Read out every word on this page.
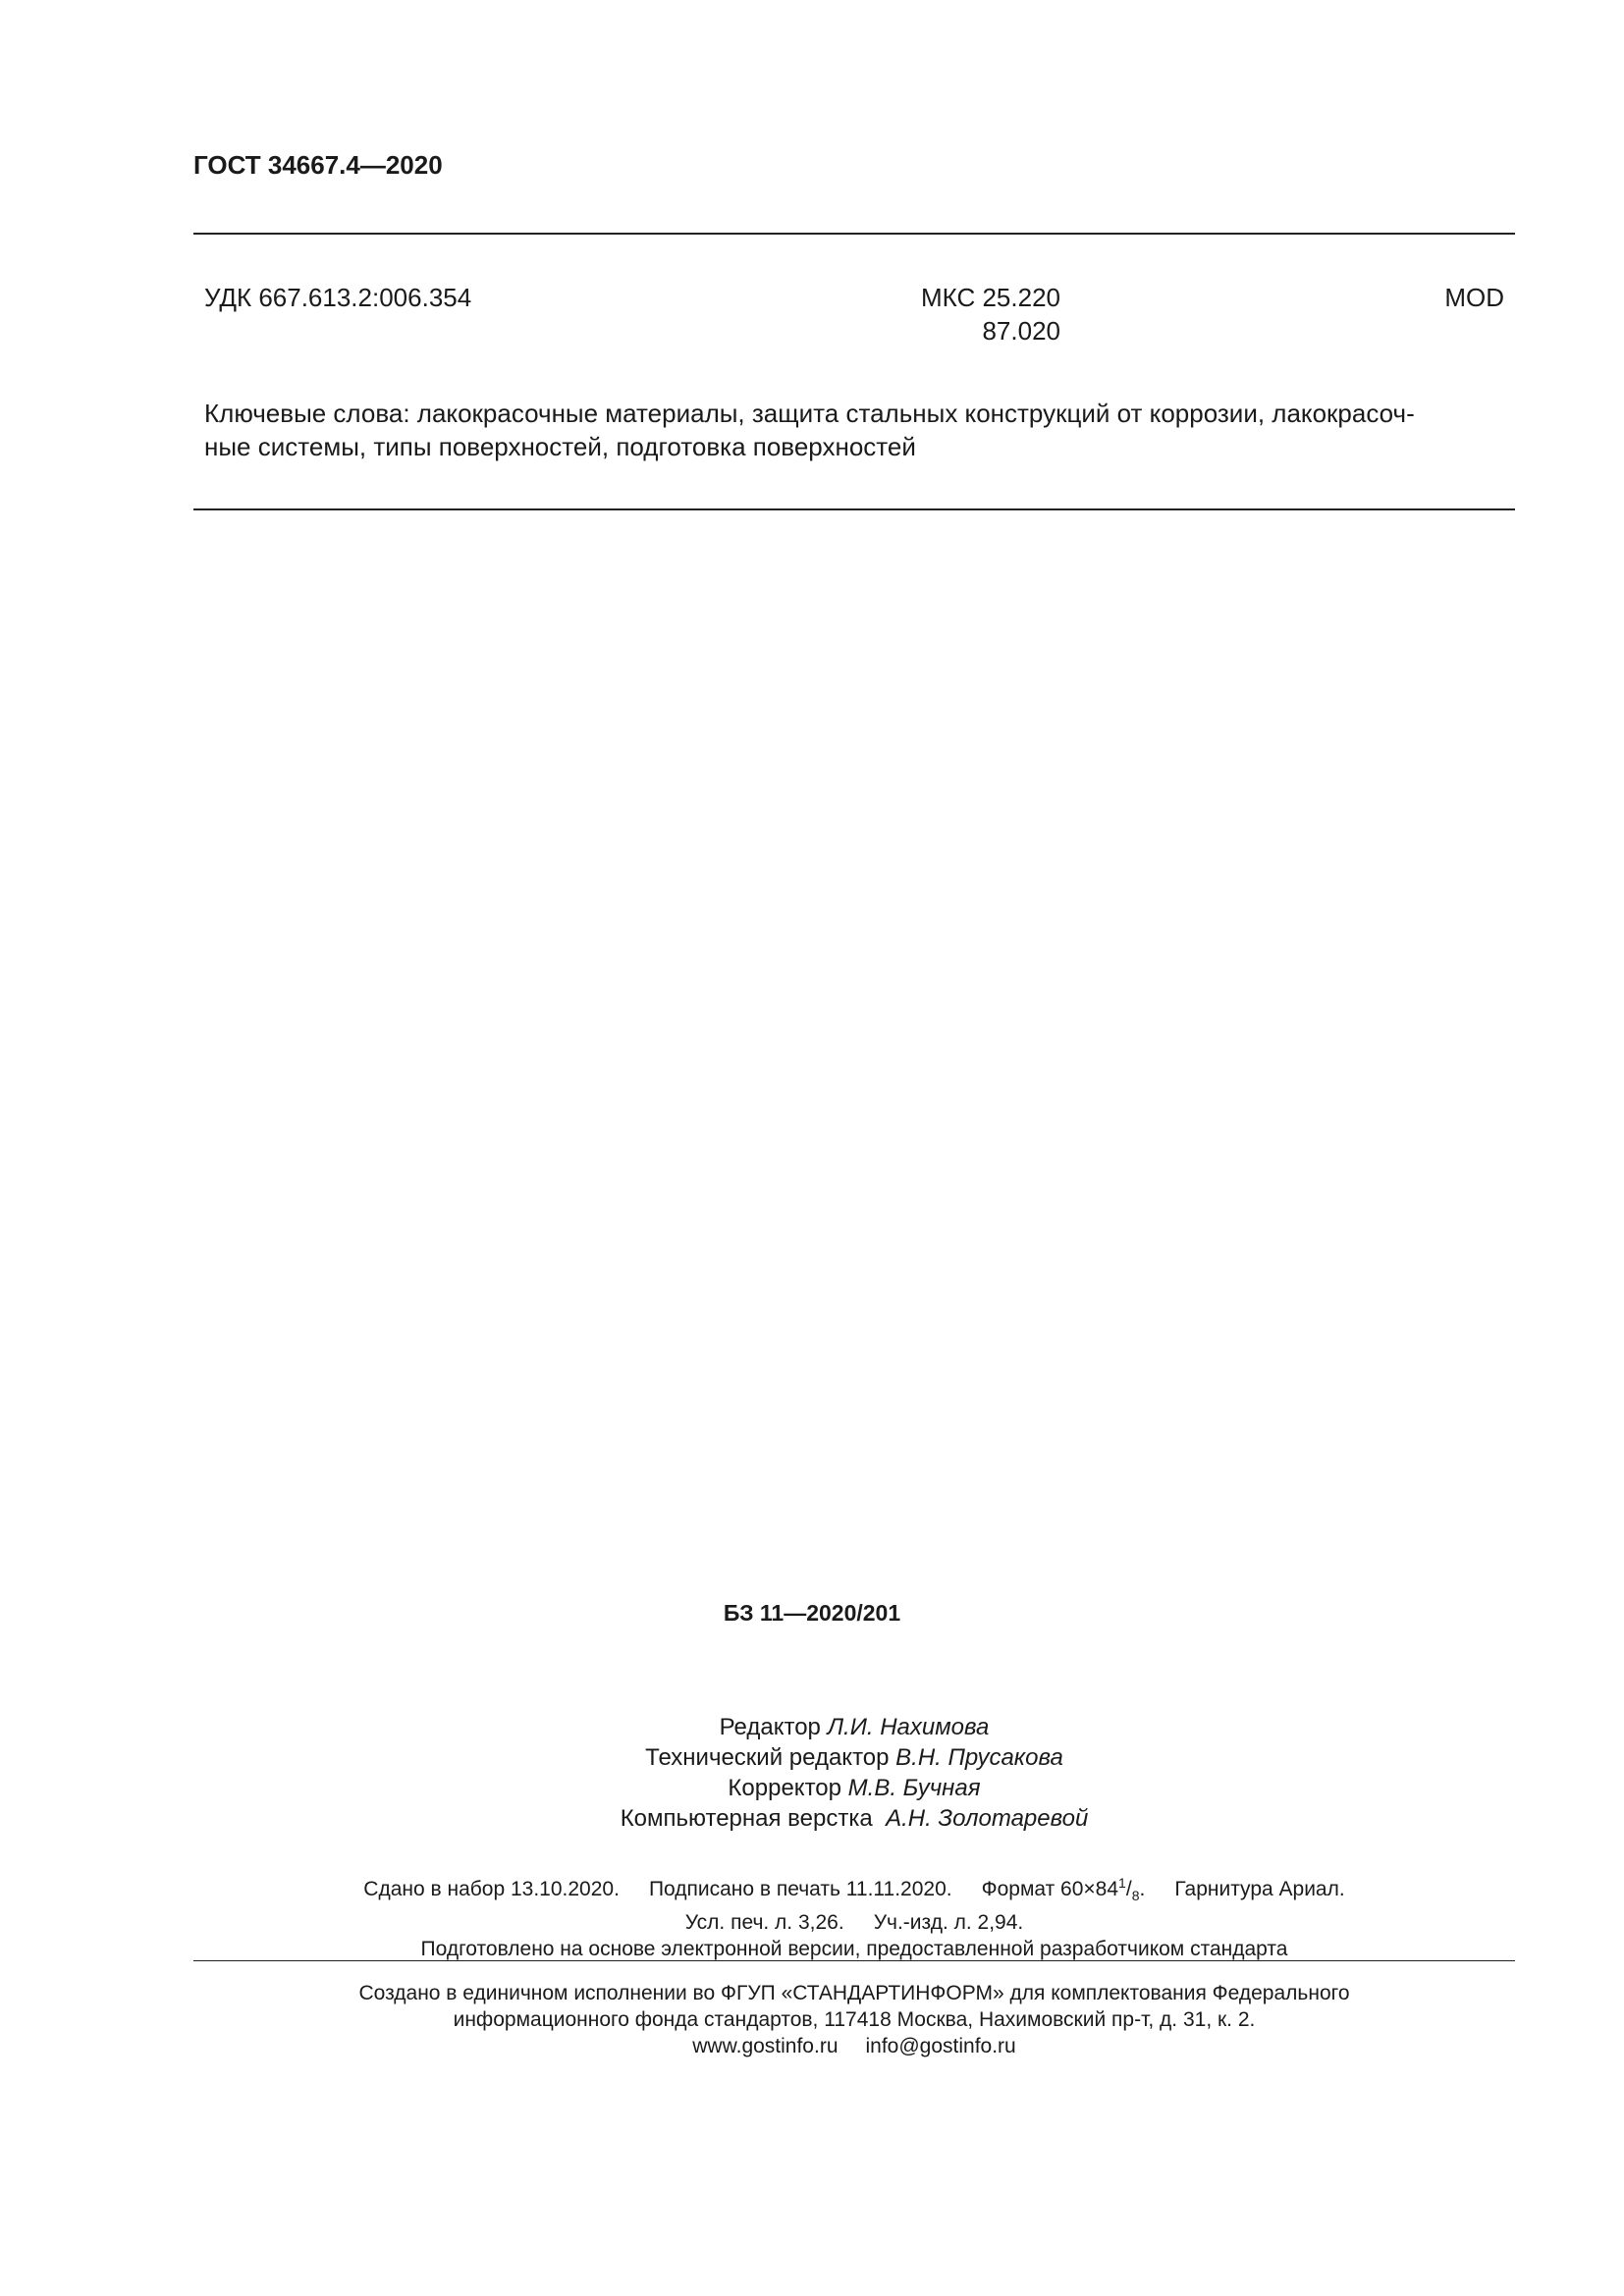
ГОСТ 34667.4—2020
УДК 667.613.2:006.354	МКС 25.220
87.020
MOD
Ключевые слова: лакокрасочные материалы, защита стальных конструкций от коррозии, лакокрасоч-
ные системы, типы поверхностей, подготовка поверхностей
БЗ 11—2020/201
Редактор Л.И. Нахимова
Технический редактор В.Н. Прусакова
Корректор М.В. Бучная
Компьютерная верстка А.Н. Золотаревой
Сдано в набор 13.10.2020. Подписано в печать 11.11.2020. Формат $60\times 84^1/_8$. Гарнитура Ариал.
Усл. печ. л. 3,26. Уч.-изд. л. 2,94.
Подготовлено на основе электронной версии, предоставленной разработчиком стандарта
Создано в единичном исполнении во ФГУП «СТАНДАРТИНФОРМ» для комплектования Федерального
информационного фонда стандартов, 117418 Москва, Нахимовский пр-т, д. 31, к. 2.
www.gostinfo.ru info@gostinfo.ru
